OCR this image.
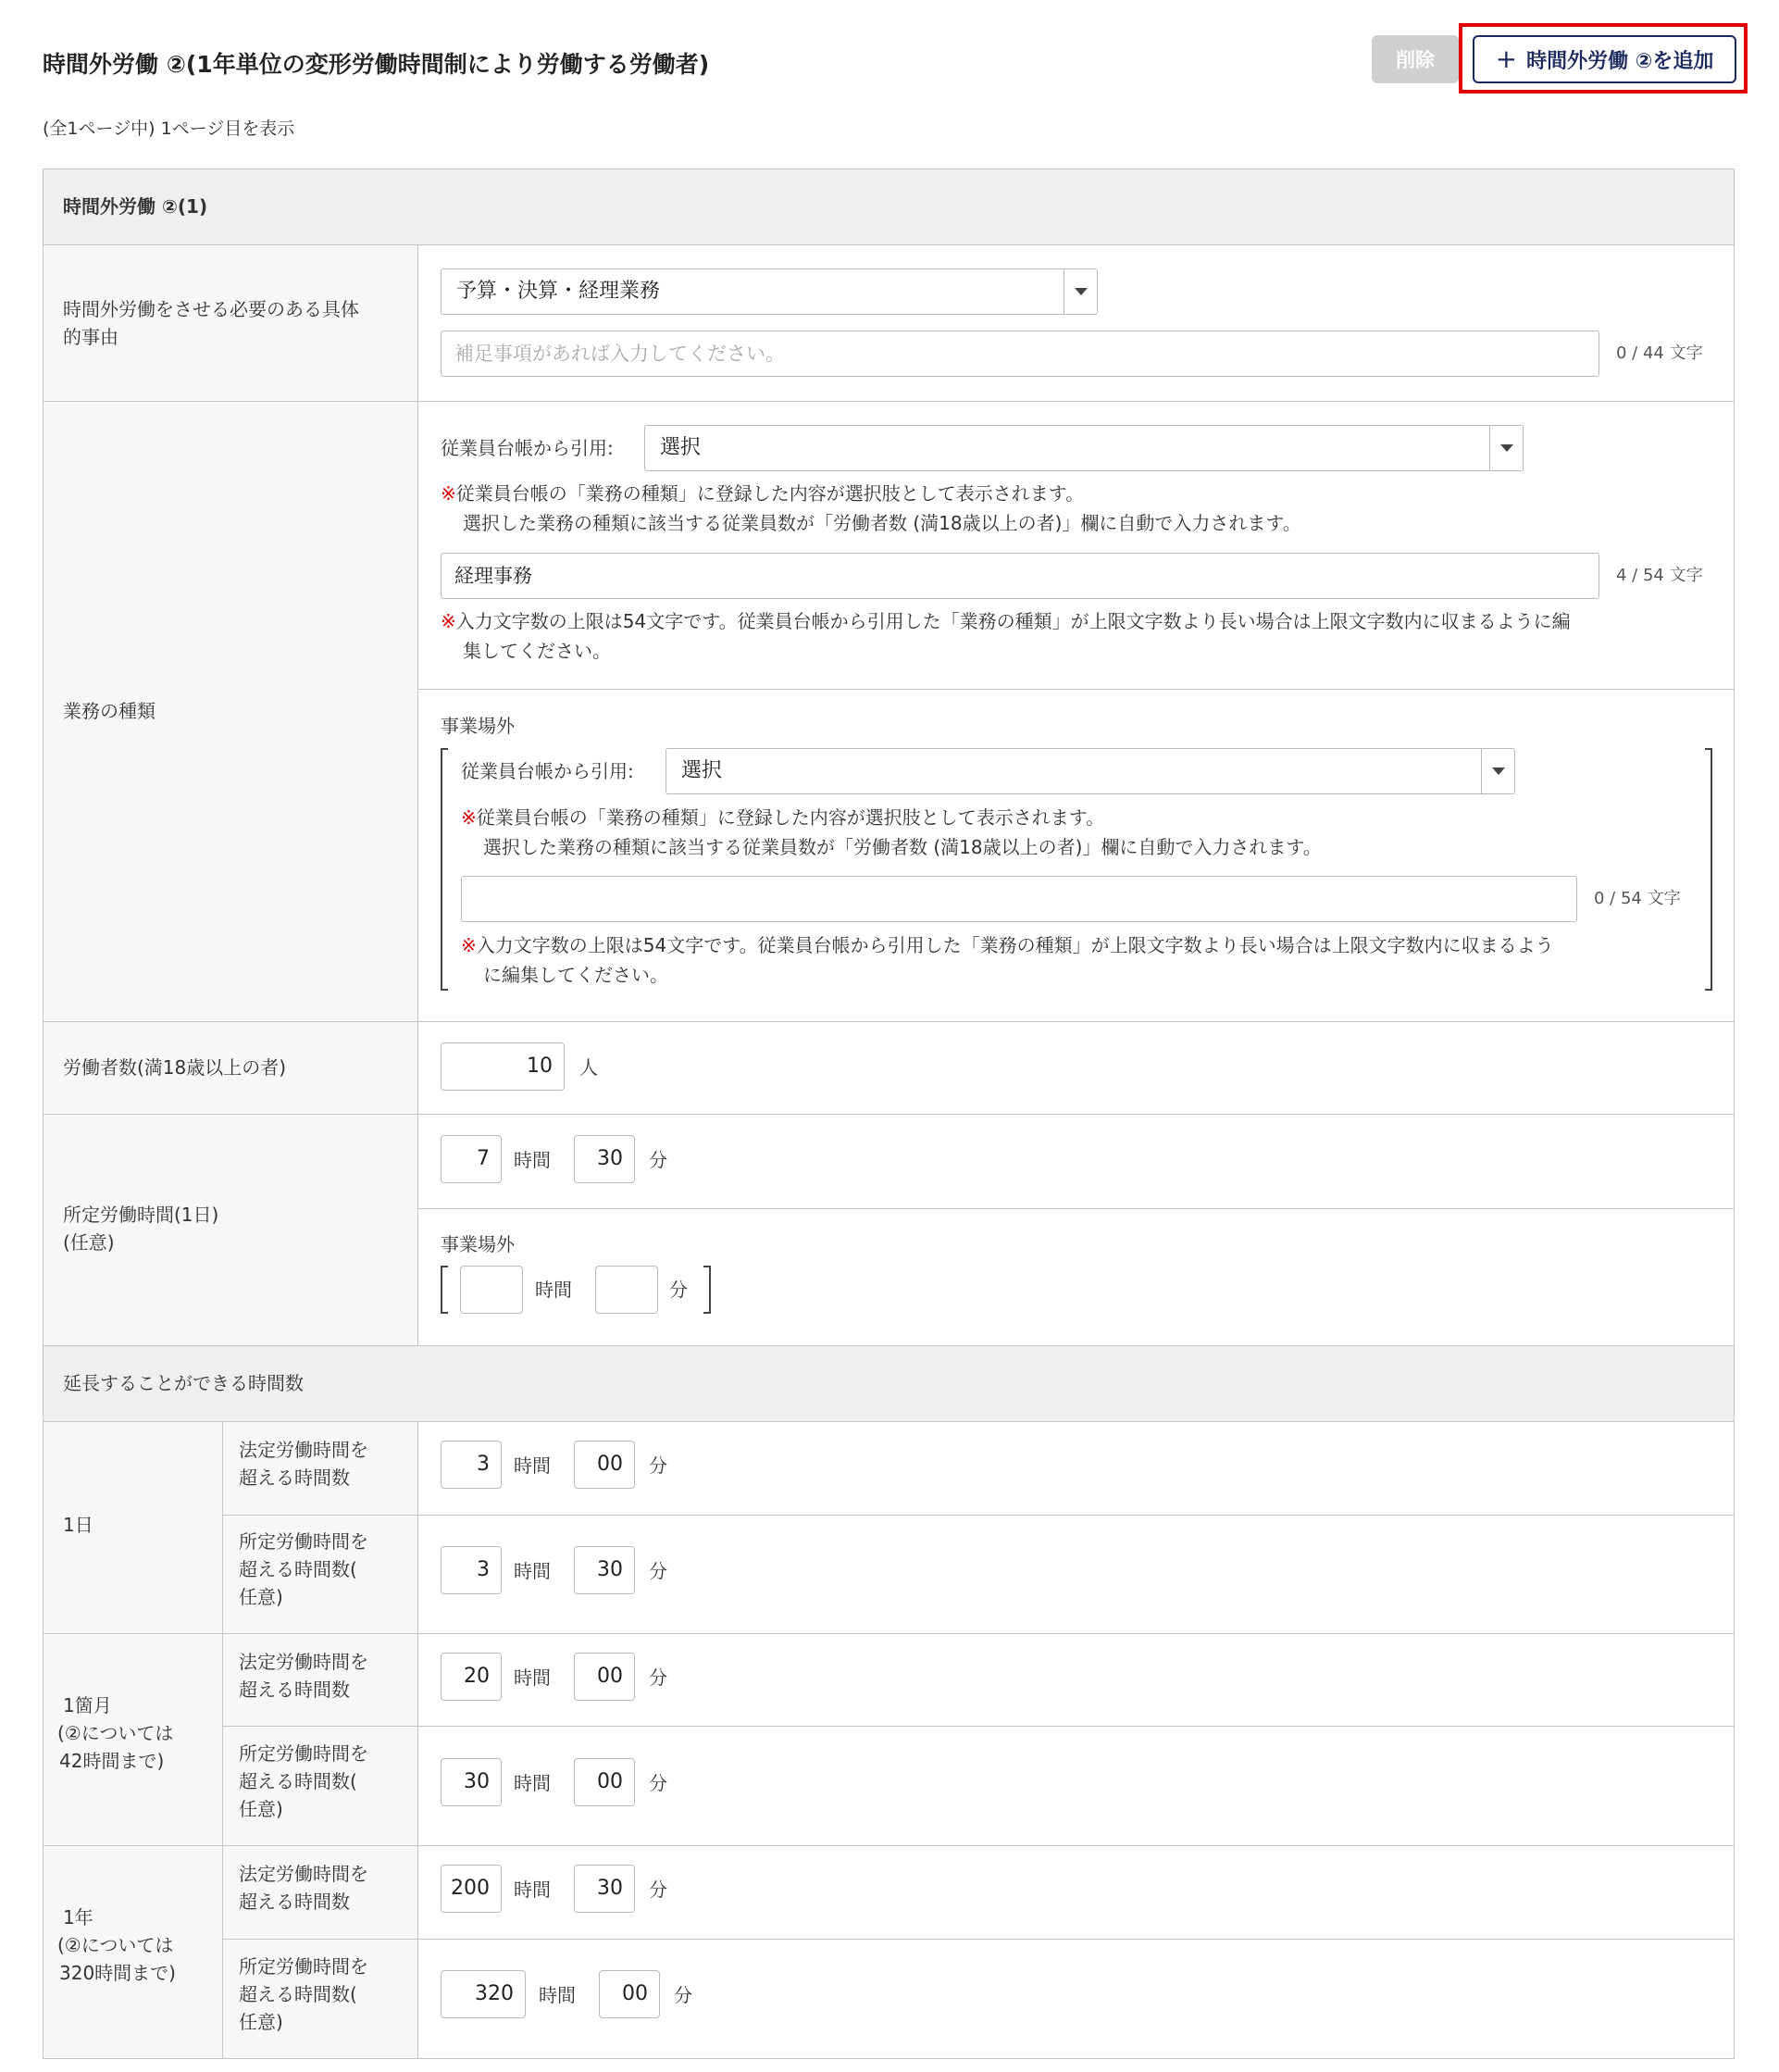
時間外労働 ②(1年単位の変形労働時間制により労働する労働者)	削除	+ 時間外労働 ②を追加
(全1ページ中) 1ページ目を表示
時間外労働 ②(1)
時間外労働をさせる必要のある具体
的事由
予算・決算・経理業務
補足事項があれば入力してください。	0 / 44 文字
業務の種類
従業員台帳から引用: 選択
※従業員台帳の「業務の種類」に登録した内容が選択肢として表示されます。
選択した業務の種類に該当する従業員数が「労働者数 (満18歳以上の者)」欄に自動で入力されます。
経理事務	4 / 54 文字
※入力文字数の上限は54文字です。従業員台帳から引用した「業務の種類」が上限文字数より長い場合は上限文字数内に収まるように編
集してください。
事業場外
従業員台帳から引用: 選択
※従業員台帳の「業務の種類」に登録した内容が選択肢として表示されます。
選択した業務の種類に該当する従業員数が「労働者数 (満18歳以上の者)」欄に自動で入力されます。
0 / 54 文字
※入力文字数の上限は54文字です。従業員台帳から引用した「業務の種類」が上限文字数より長い場合は上限文字数内に収まるよう
に編集してください。
労働者数(満18歳以上の者)	10	人
所定労働時間(1日)
(任意)
7	時間	30	分
事業場外
時間	分
延長することができる時間数
1日
法定労働時間を
超える時間数
3	時間	00	分
所定労働時間を
超える時間数(
任意)
3	時間	30	分
1箇月
(②については
42時間まで)
法定労働時間を
超える時間数
20	時間	00	分
所定労働時間を
超える時間数(
任意)
30	時間	00	分
1年
(②については
320時間まで)
法定労働時間を
超える時間数
200	時間	30	分
所定労働時間を
超える時間数(
任意)
320	時間	00	分
